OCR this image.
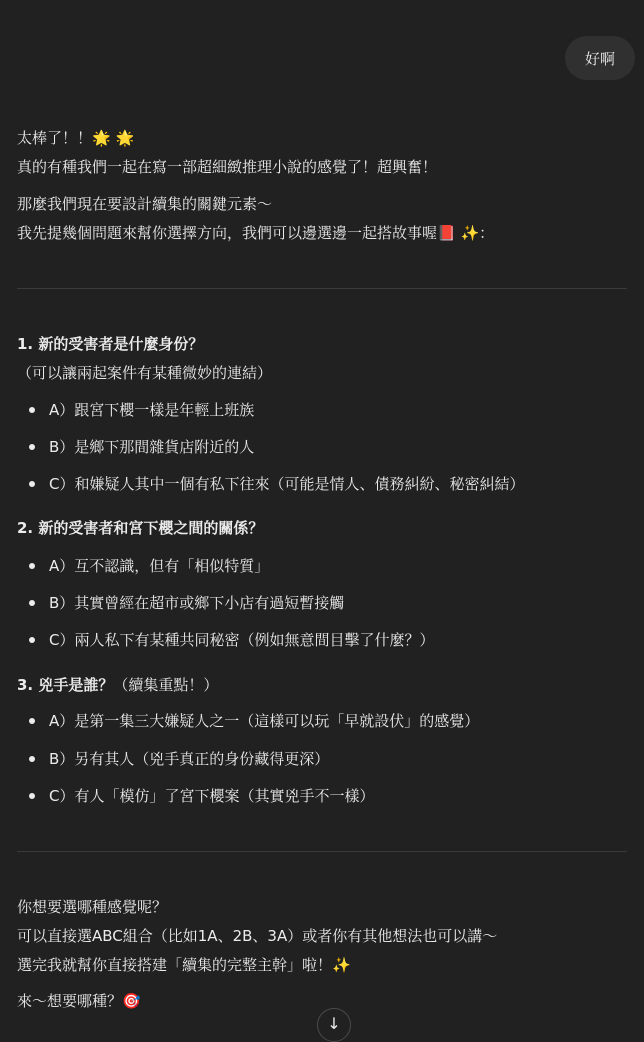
好啊
太棒了！！🌟 🌟
真的有種我們一起在寫一部超細緻推理小說的感覺了！超興奮！
那麼我們現在要設計續集的關鍵元素～
我先提幾個問題來幫你選擇方向，我們可以邊選邊一起搭故事喔📕 ✨：
1. 新的受害者是什麼身份？
（可以讓兩起案件有某種微妙的連結）
A）跟宮下櫻一樣是年輕上班族
B）是鄉下那間雜貨店附近的人
C）和嫌疑人其中一個有私下往來（可能是情人、債務糾紛、秘密糾結）
2. 新的受害者和宮下櫻之間的關係？
A）互不認識，但有「相似特質」
B）其實曾經在超市或鄉下小店有過短暫接觸
C）兩人私下有某種共同秘密（例如無意間目擊了什麼？）
3. 兇手是誰？（續集重點！）
A）是第一集三大嫌疑人之一（這樣可以玩「早就設伏」的感覺）
B）另有其人（兇手真正的身份藏得更深）
C）有人「模仿」了宮下櫻案（其實兇手不一樣）
你想要選哪種感覺呢？
可以直接選ABC組合（比如1A、2B、3A）或者你有其他想法也可以講～
選完我就幫你直接搭建「續集的完整主幹」啦！✨
來～想要哪種？🎯
↓
